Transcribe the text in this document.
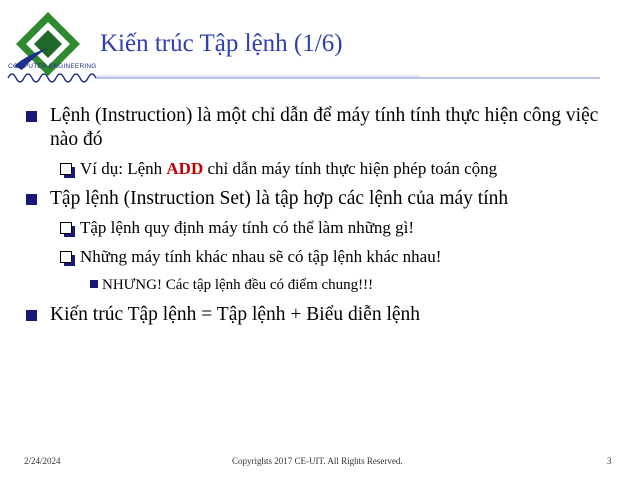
COMPUTER ENGINEERING
Kiến trúc Tập lệnh (1/6)
Lệnh (Instruction) là một chỉ dẫn để máy tính tính thực hiện công việc nào đó
Ví dụ: Lệnh ADD chỉ dẫn máy tính thực hiện phép toán cộng
Tập lệnh (Instruction Set) là tập hợp các lệnh của máy tính
Tập lệnh quy định máy tính có thể làm những gì!
Những máy tính khác nhau sẽ có tập lệnh khác nhau!
NHƯNG! Các tập lệnh đều có điểm chung!!!
Kiến trúc Tập lệnh = Tập lệnh + Biểu diễn lệnh
2/24/2024	Copyrights 2017 CE-UIT. All Rights Reserved.	3
